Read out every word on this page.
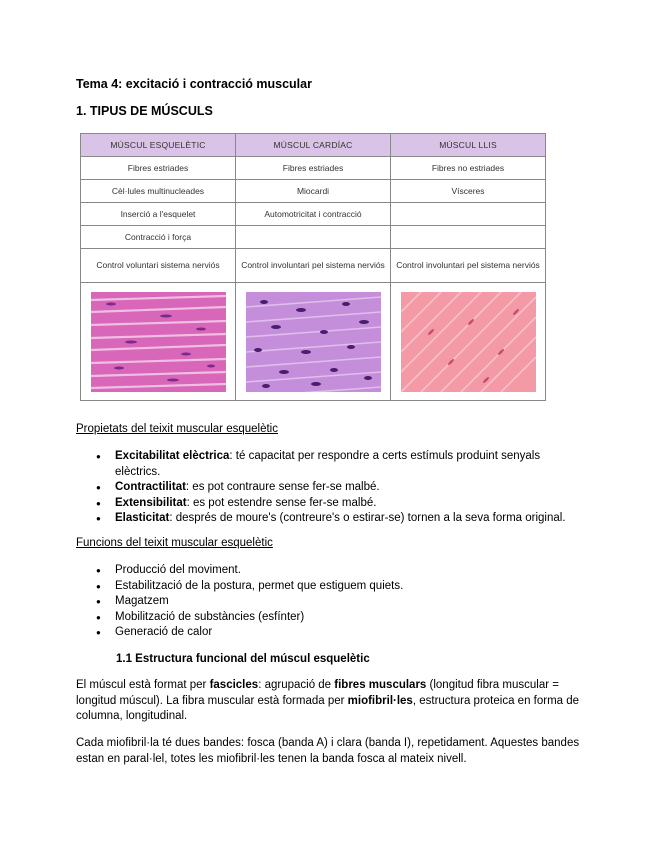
Tema 4: excitació i contracció muscular
1. TIPUS DE MÚSCULS
MÚSCUL ESQUELÈTIC	MÚSCUL CARDÍAC	MÚSCUL LLIS
Fibres estriades	Fibres estriades	Fibres no estriades
Cèl·lules multinucleades	Miocardi	Vísceres
Inserció a l'esquelet	Automotricitat i contracció	
Contracció i força		
Control voluntari sistema nerviós	Control involuntari pel sistema nerviós	Control involuntari pel sistema nerviós

Propietats del teixit muscular esquelètic
● Excitabilitat elèctrica: té capacitat per respondre a certs estímuls produint senyals elèctrics.
● Contractilitat: es pot contraure sense fer-se malbé.
● Extensibilitat: es pot estendre sense fer-se malbé.
● Elasticitat: després de moure's (contreure's o estirar-se) tornen a la seva forma original.
Funcions del teixit muscular esquelètic
● Producció del moviment.
● Estabilització de la postura, permet que estiguem quiets.
● Magatzem
● Mobilització de substàncies (esfínter)
● Generació de calor
1.1 Estructura funcional del múscul esquelètic
El múscul està format per fascicles: agrupació de fibres musculars (longitud fibra muscular = longitud múscul). La fibra muscular està formada per miofibril·les, estructura proteica en forma de columna, longitudinal.
Cada miofibril·la té dues bandes: fosca (banda A) i clara (banda I), repetidament. Aquestes bandes estan en paral·lel, totes les miofibril·les tenen la banda fosca al mateix nivell.
